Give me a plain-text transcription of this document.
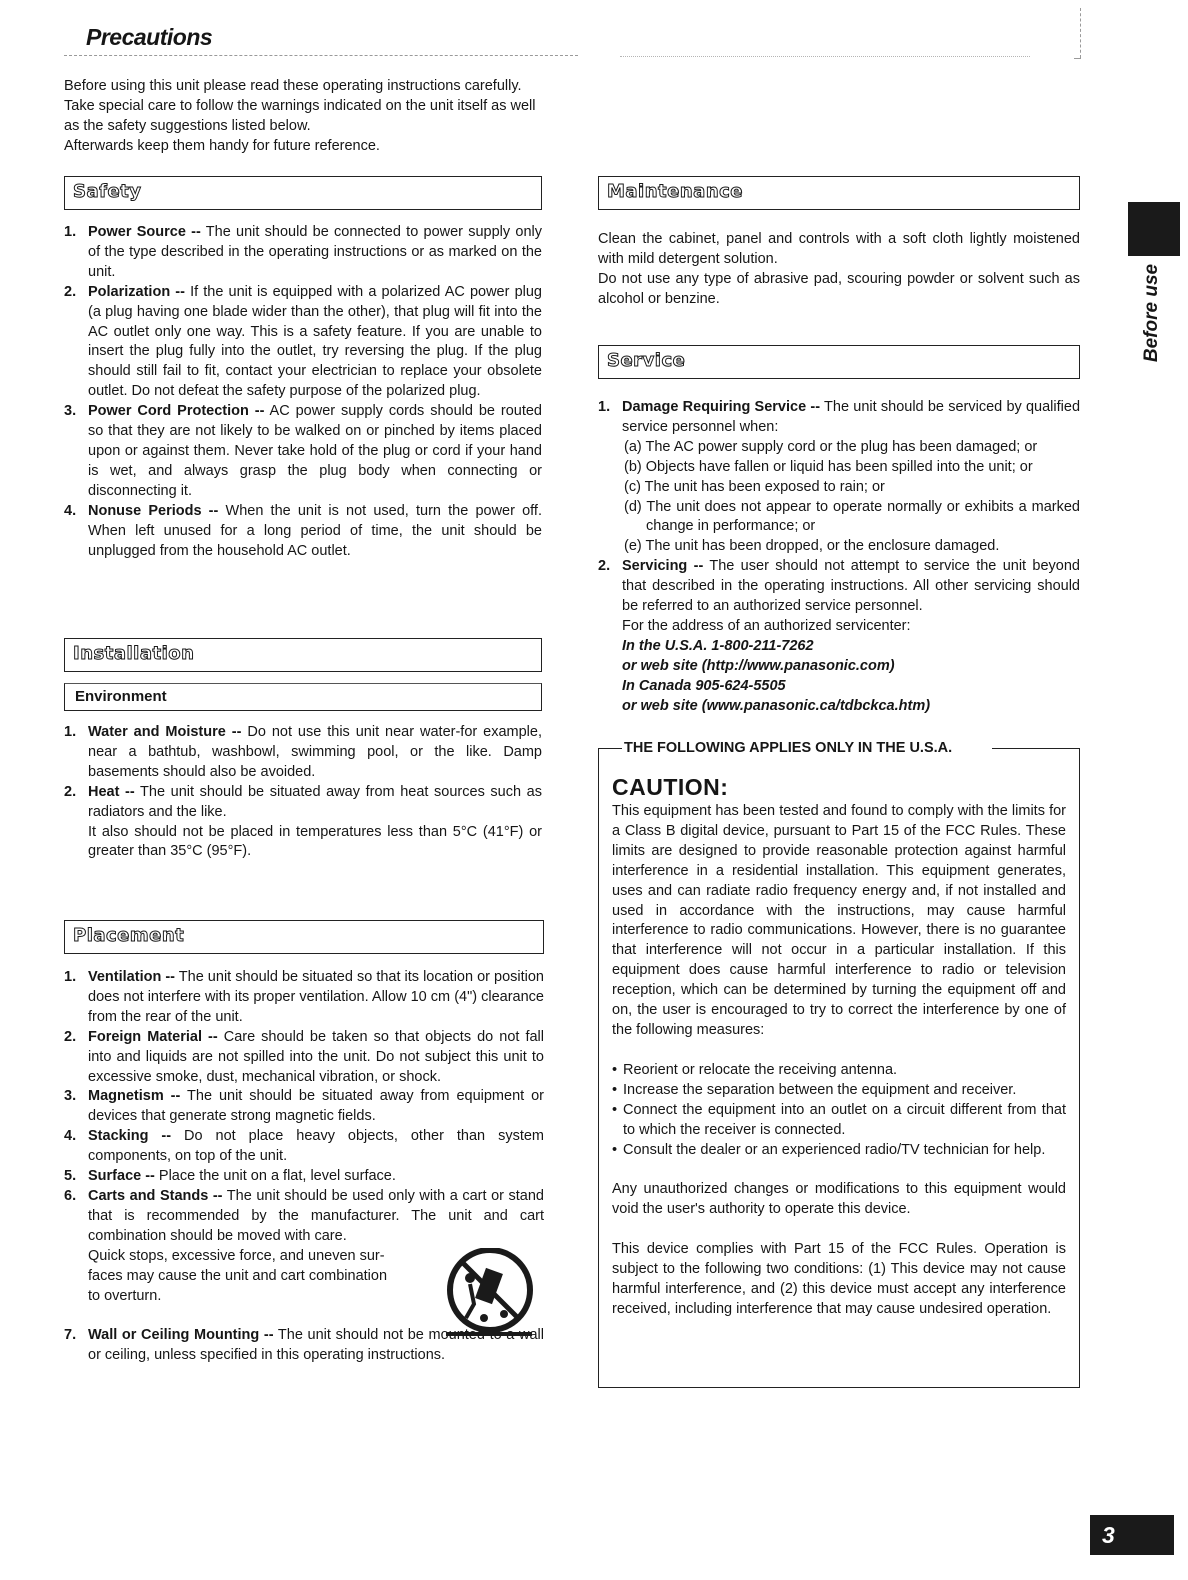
Precautions

Before using this unit please read these operating instructions carefully. Take special care to follow the warnings indicated on the unit itself as well as the safety suggestions listed below.

Afterwards keep them handy for future reference.

Safety
1. Power Source -- The unit should be connected to power supply only of the type described in the operating instructions or as marked on the unit.
2. Polarization -- If the unit is equipped with a polarized AC power plug (a plug having one blade wider than the other), that plug will fit into the AC outlet only one way. This is a safety feature. If you are unable to insert the plug fully into the outlet, try reversing the plug. If the plug should still fail to fit, contact your electrician to replace your obsolete outlet. Do not defeat the safety purpose of the polarized plug.
3. Power Cord Protection -- AC power supply cords should be routed so that they are not likely to be walked on or pinched by items placed upon or against them. Never take hold of the plug or cord if your hand is wet, and always grasp the plug body when connecting or disconnecting it.
4. Nonuse Periods -- When the unit is not used, turn the power off. When left unused for a long period of time, the unit should be unplugged from the household AC outlet.
Installation
Environment
1. Water and Moisture -- Do not use this unit near water-for example, near a bathtub, washbowl, swimming pool, or the like. Damp basements should also be avoided.
2. Heat -- The unit should be situated away from heat sources such as radiators and the like.
It also should not be placed in temperatures less than 5°C (41°F) or greater than 35°C (95°F).
Placement
1. Ventilation -- The unit should be situated so that its location or position does not interfere with its proper ventilation. Allow 10 cm (4") clearance from the rear of the unit.
2. Foreign Material -- Care should be taken so that objects do not fall into and liquids are not spilled into the unit. Do not subject this unit to excessive smoke, dust, mechanical vibration, or shock.
3. Magnetism -- The unit should be situated away from equipment or devices that generate strong magnetic fields.
4. Stacking -- Do not place heavy objects, other than system components, on top of the unit.
5. Surface -- Place the unit on a flat, level surface.
6. Carts and Stands -- The unit should be used only with a cart or stand that is recommended by the manufacturer. The unit and cart combination should be moved with care.
Quick stops, excessive force, and uneven sur-
faces may cause the unit and cart combination
to overturn.
7. Wall or Ceiling Mounting -- The unit should not be mounted to a wall or ceiling, unless specified in this operating instructions.
Maintenance

Clean the cabinet, panel and controls with a soft cloth lightly moistened with mild detergent solution.

Do not use any type of abrasive pad, scouring powder or solvent such as alcohol or benzine.

Service
1. Damage Requiring Service -- The unit should be serviced by qualified service personnel when:
(a) The AC power supply cord or the plug has been damaged; or
(b) Objects have fallen or liquid has been spilled into the unit; or
(c) The unit has been exposed to rain; or
(d) The unit does not appear to operate normally or exhibits a marked change in performance; or
(e) The unit has been dropped, or the enclosure damaged.
2. Servicing -- The user should not attempt to service the unit beyond that described in the operating instructions. All other servicing should be referred to an authorized service personnel.
For the address of an authorized servicenter:
In the U.S.A. 1-800-211-7262
or web site (http://www.panasonic.com)
In Canada 905-624-5505
or web site (www.panasonic.ca/tdbckca.htm)
THE FOLLOWING APPLIES ONLY IN THE U.S.A.
CAUTION:

This equipment has been tested and found to comply with the limits for a Class B digital device, pursuant to Part 15 of the FCC Rules. These limits are designed to provide reasonable protection against harmful interference in a residential installation. This equipment generates, uses and can radiate radio frequency energy and, if not installed and used in accordance with the instructions, may cause harmful interference to radio communications. However, there is no guarantee that interference will not occur in a particular installation. If this equipment does cause harmful interference to radio or television reception, which can be determined by turning the equipment off and on, the user is encouraged to try to correct the interference by one of the following measures:

• Reorient or relocate the receiving antenna.
• Increase the separation between the equipment and receiver.
• Connect the equipment into an outlet on a circuit different from that to which the receiver is connected.
• Consult the dealer or an experienced radio/TV technician for help.

Any unauthorized changes or modifications to this equipment would void the user's authority to operate this device.

This device complies with Part 15 of the FCC Rules. Operation is subject to the following two conditions: (1) This device may not cause harmful interference, and (2) this device must accept any interference received, including interference that may cause undesired operation.

Before use
3
